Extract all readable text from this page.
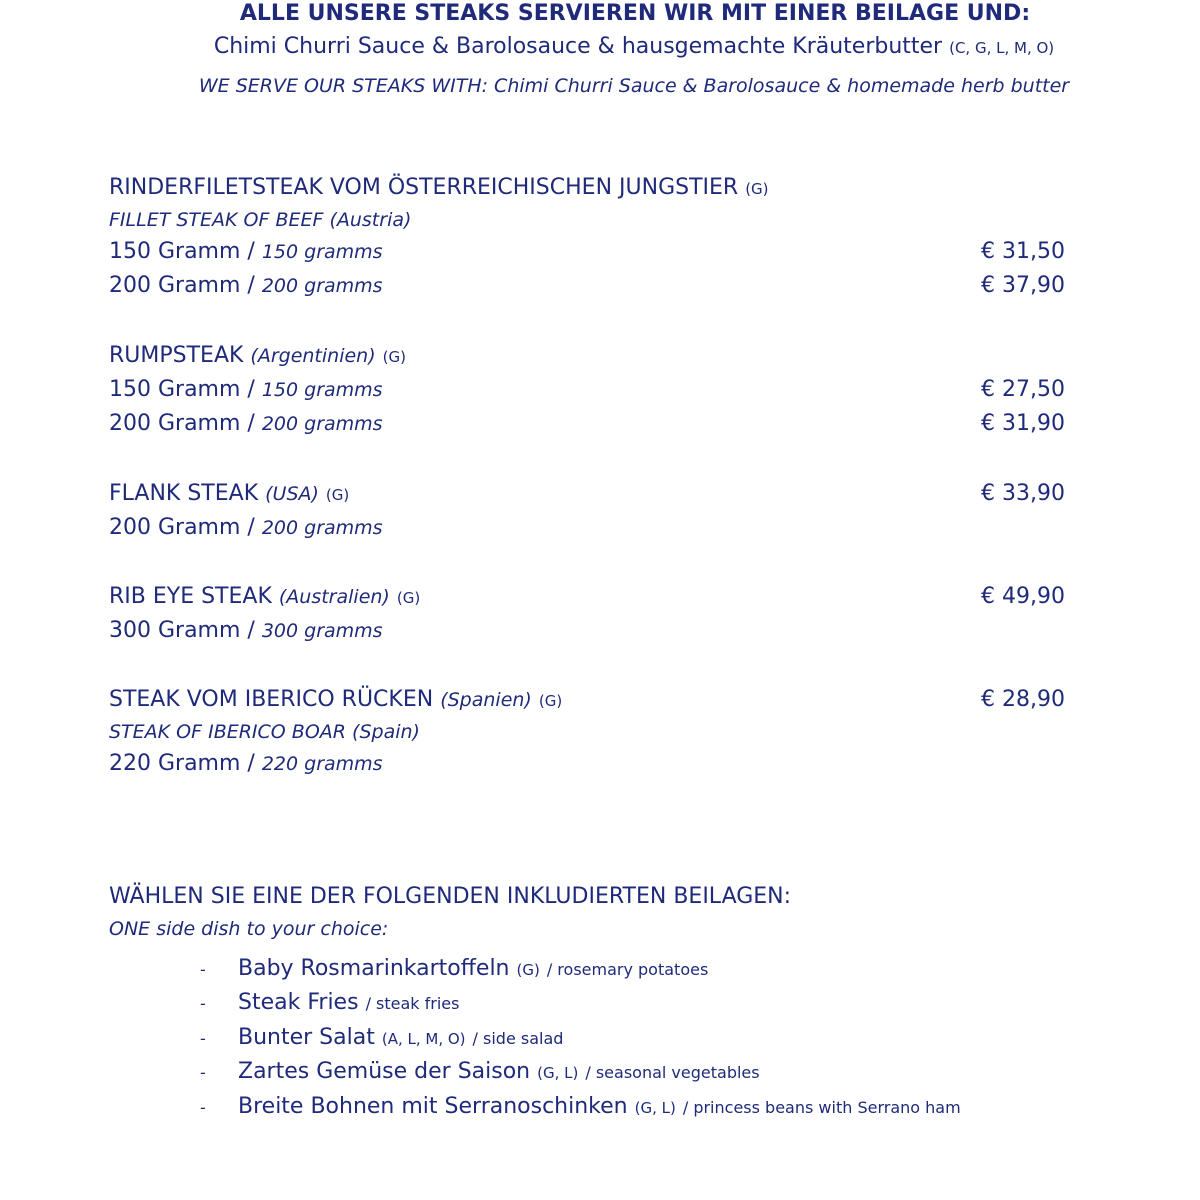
ALLE UNSERE STEAKS SERVIEREN WIR MIT EINER BEILAGE UND:
Chimi Churri Sauce & Barolosauce & hausgemachte Kräuterbutter (C, G, L, M, O)
WE SERVE OUR STEAKS WITH: Chimi Churri Sauce & Barolosauce & homemade herb butter
RINDERFILETSTEAK VOM ÖSTERREICHISCHEN JUNGSTIER (G)
FILLET STEAK OF BEEF (Austria)
150 Gramm / 150 gramms	€ 31,50
200 Gramm / 200 gramms	€ 37,90
RUMPSTEAK (Argentinien) (G)
150 Gramm / 150 gramms	€ 27,50
200 Gramm / 200 gramms	€ 31,90
FLANK STEAK (USA) (G)	€ 33,90
200 Gramm / 200 gramms
RIB EYE STEAK (Australien) (G)	€ 49,90
300 Gramm / 300 gramms
STEAK VOM IBERICO RÜCKEN (Spanien) (G)	€ 28,90
STEAK OF IBERICO BOAR (Spain)
220 Gramm / 220 gramms
WÄHLEN SIE EINE DER FOLGENDEN INKLUDIERTEN BEILAGEN:
ONE side dish to your choice:
- Baby Rosmarinkartoffeln (G) / rosemary potatoes
- Steak Fries / steak fries
- Bunter Salat (A, L, M, O) / side salad
- Zartes Gemüse der Saison (G, L) / seasonal vegetables
- Breite Bohnen mit Serranoschinken (G, L) / princess beans with Serrano ham
